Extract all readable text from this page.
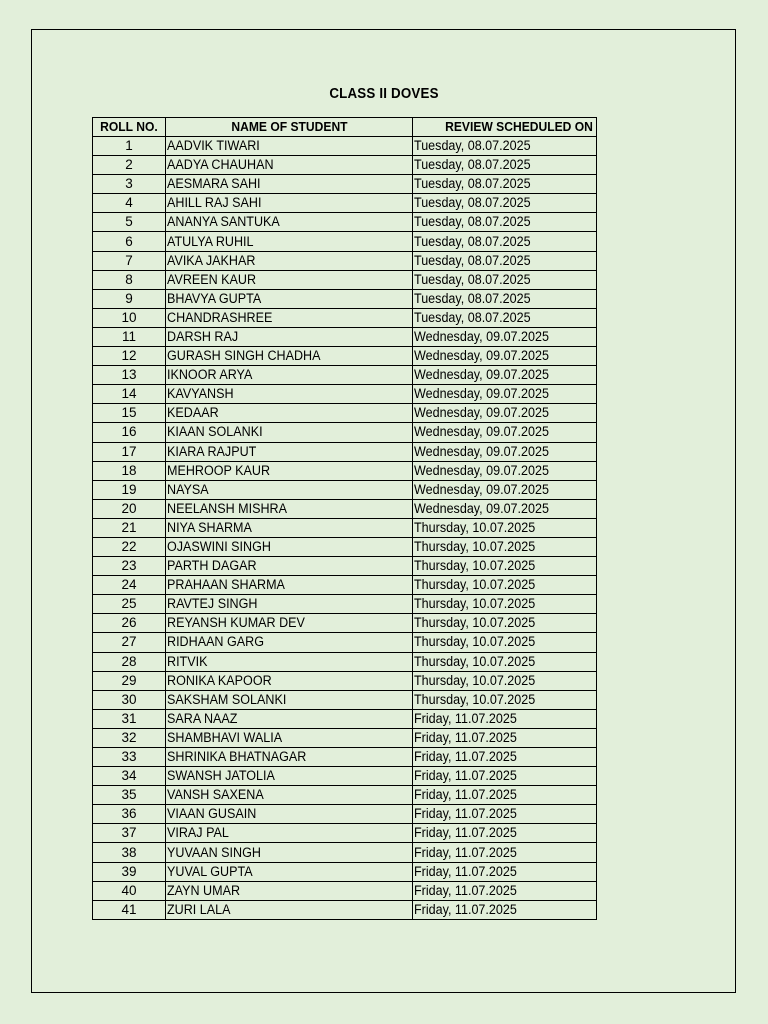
CLASS II DOVES
ROLL NO.	NAME OF STUDENT	REVIEW SCHEDULED ON
1	AADVIK TIWARI	Tuesday, 08.07.2025
2	AADYA CHAUHAN	Tuesday, 08.07.2025
3	AESMARA SAHI	Tuesday, 08.07.2025
4	AHILL RAJ SAHI	Tuesday, 08.07.2025
5	ANANYA SANTUKA	Tuesday, 08.07.2025
6	ATULYA RUHIL	Tuesday, 08.07.2025
7	AVIKA JAKHAR	Tuesday, 08.07.2025
8	AVREEN KAUR	Tuesday, 08.07.2025
9	BHAVYA GUPTA	Tuesday, 08.07.2025
10	CHANDRASHREE	Tuesday, 08.07.2025
11	DARSH RAJ	Wednesday, 09.07.2025
12	GURASH SINGH CHADHA	Wednesday, 09.07.2025
13	IKNOOR ARYA	Wednesday, 09.07.2025
14	KAVYANSH	Wednesday, 09.07.2025
15	KEDAAR	Wednesday, 09.07.2025
16	KIAAN SOLANKI	Wednesday, 09.07.2025
17	KIARA RAJPUT	Wednesday, 09.07.2025
18	MEHROOP KAUR	Wednesday, 09.07.2025
19	NAYSA	Wednesday, 09.07.2025
20	NEELANSH MISHRA	Wednesday, 09.07.2025
21	NIYA SHARMA	Thursday, 10.07.2025
22	OJASWINI SINGH	Thursday, 10.07.2025
23	PARTH DAGAR	Thursday, 10.07.2025
24	PRAHAAN SHARMA	Thursday, 10.07.2025
25	RAVTEJ SINGH	Thursday, 10.07.2025
26	REYANSH KUMAR DEV	Thursday, 10.07.2025
27	RIDHAAN GARG	Thursday, 10.07.2025
28	RITVIK	Thursday, 10.07.2025
29	RONIKA KAPOOR	Thursday, 10.07.2025
30	SAKSHAM SOLANKI	Thursday, 10.07.2025
31	SARA NAAZ	Friday, 11.07.2025
32	SHAMBHAVI WALIA	Friday, 11.07.2025
33	SHRINIKA BHATNAGAR	Friday, 11.07.2025
34	SWANSH JATOLIA	Friday, 11.07.2025
35	VANSH SAXENA	Friday, 11.07.2025
36	VIAAN GUSAIN	Friday, 11.07.2025
37	VIRAJ PAL	Friday, 11.07.2025
38	YUVAAN SINGH	Friday, 11.07.2025
39	YUVAL GUPTA	Friday, 11.07.2025
40	ZAYN UMAR	Friday, 11.07.2025
41	ZURI LALA	Friday, 11.07.2025
